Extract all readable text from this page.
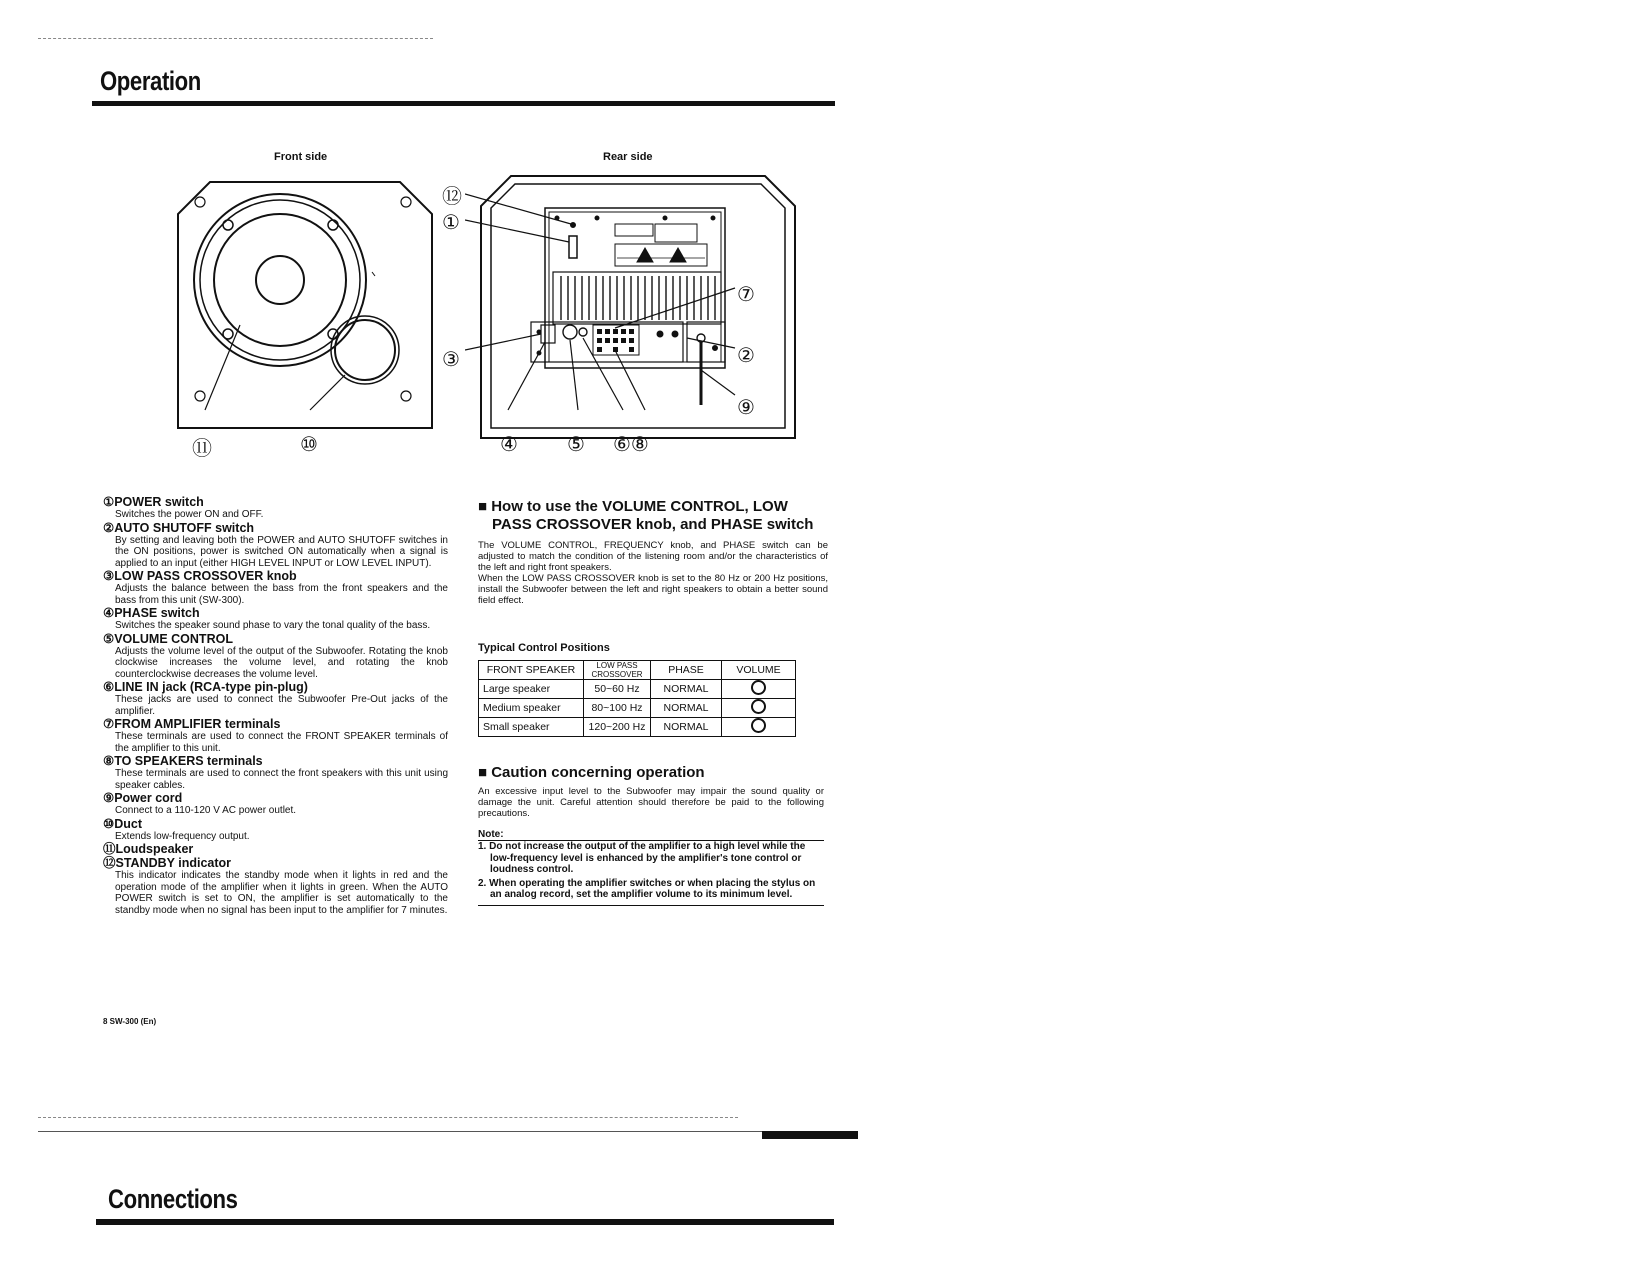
Operation
Front side	Rear side
⑪	⑩
⑫
①
③
⑦
②
⑨
④ ⑤ ⑥⑧
①POWER switch
Switches the power ON and OFF.
②AUTO SHUTOFF switch
By setting and leaving both the POWER and AUTO SHUTOFF switches in the ON positions, power is switched ON automatically when a signal is applied to an input (either HIGH LEVEL INPUT or LOW LEVEL INPUT).
③LOW PASS CROSSOVER knob
Adjusts the balance between the bass from the front speakers and the bass from this unit (SW-300).
④PHASE switch
Switches the speaker sound phase to vary the tonal quality of the bass.
⑤VOLUME CONTROL
Adjusts the volume level of the output of the Subwoofer. Rotating the knob clockwise increases the volume level, and rotating the knob counterclockwise decreases the volume level.
⑥LINE IN jack (RCA-type pin-plug)
These jacks are used to connect the Subwoofer Pre-Out jacks of the amplifier.
⑦FROM AMPLIFIER terminals
These terminals are used to connect the FRONT SPEAKER terminals of the amplifier to this unit.
⑧TO SPEAKERS terminals
These terminals are used to connect the front speakers with this unit using speaker cables.
⑨Power cord
Connect to a 110-120 V AC power outlet.
⑩Duct
Extends low-frequency output.
⑪Loudspeaker
⑫STANDBY indicator
This indicator indicates the standby mode when it lights in red and the operation mode of the amplifier when it lights in green. When the AUTO POWER switch is set to ON, the amplifier is set automatically to the standby mode when no signal has been input to the amplifier for 7 minutes.
■ How to use the VOLUME CONTROL, LOW
PASS CROSSOVER knob, and PHASE switch
The VOLUME CONTROL, FREQUENCY knob, and PHASE switch can be adjusted to match the condition of the listening room and/or the characteristics of the left and right front speakers.
When the LOW PASS CROSSOVER knob is set to the 80 Hz or 200 Hz positions, install the Subwoofer between the left and right speakers to obtain a better sound field effect.
Typical Control Positions
FRONT SPEAKER	LOW PASS CROSSOVER	PHASE	VOLUME
Large speaker	50~60 Hz	NORMAL	
Medium speaker	80~100 Hz	NORMAL	
Small speaker	120~200 Hz	NORMAL	
■ Caution concerning operation
An excessive input level to the Subwoofer may impair the sound quality or damage the unit. Careful attention should therefore be paid to the following precautions.
Note:
1. Do not increase the output of the amplifier to a high level while the low-frequency level is enhanced by the amplifier's tone control or loudness control.
2. When operating the amplifier switches or when placing the stylus on an analog record, set the amplifier volume to its minimum level.
8 SW-300 (En)
Connections
